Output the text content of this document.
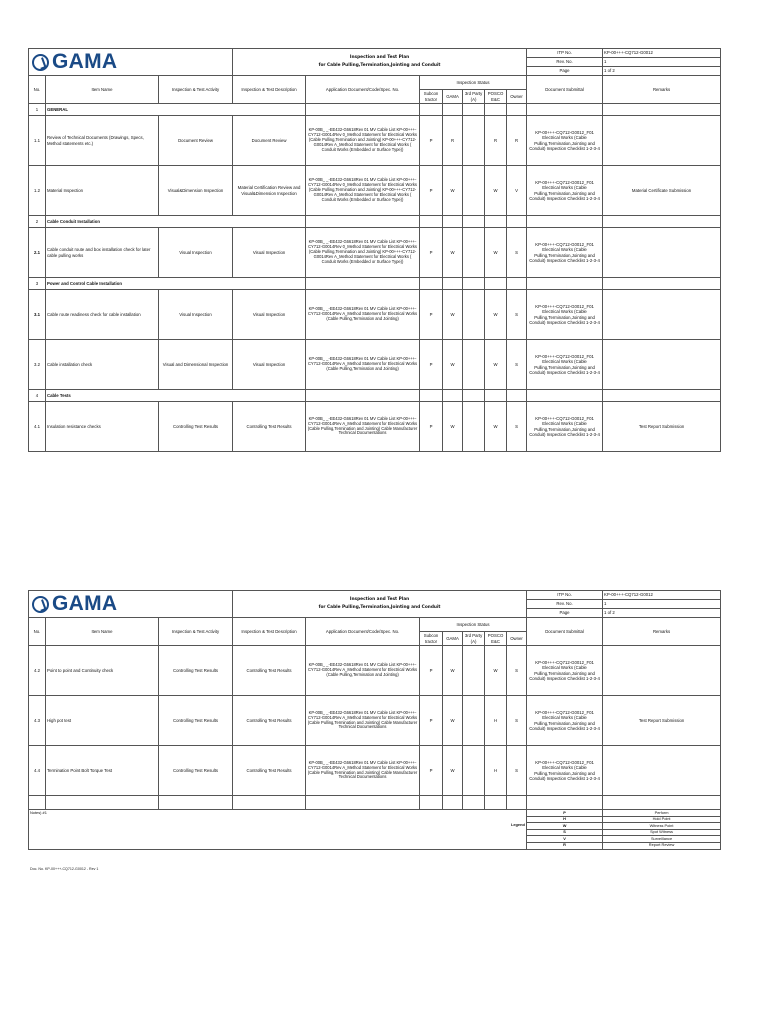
GAMA			Inspection and Test Plan
for Cable Pulling,Termination,Jointing and Conduit							ITP No.	KP-00+++-CQ712-G0012
										Rev. No.	1
										Page	1 of 2
No.	Item Name	Inspection & Test Activity	Inspection & Test Description	Application Document/Code/Spec. No.	Inspection Status					Document Submittal	Remarks
					Subcon tractor	GAMA	3rd Party (A)	POSCO E&C	Owner		
1	GENERAL										
1.1	Review of Technical Documents (Drawings, Specs, Method statements etc.)	Document Review	Document Review	KP-00B_ _-EE432-G6618Rev 01 MV Cable List KP-00+++-CY712-G0014Rev 0_Method Statement for Electrical Works (Cable Pulling,Termination and Jointing) KP-00+++-CY712-G0014Rev A_Method Statement for Electrical Works ( Conduit Works (Embedded or Surface Type))	P	R		R	R	KP-00+++-CQ712-G0012_F01 Electrical Works (Cable Pulling,Termination,Jointing and Conduit) Inspection Checklist 1-2-3-4	
1.2	Material Inspection	Visual&Dimension Inspection	Material Certification Review and Visual&Dimension Inspection	KP-00B_ _-EE432-G6618Rev 01 MV Cable List KP-00+++-CY712-G0014Rev 0_Method Statement for Electrical Works (Cable Pulling,Termination and Jointing) KP-00+++-CY712-G0014Rev A_Method Statement for Electrical Works ( Conduit Works (Embedded or Surface Type))	P	W		W	V	KP-00+++-CQ712-G0012_F01 Electrical Works (Cable Pulling,Termination,Jointing and Conduit) Inspection Checklist 1-2-3-4	Material Certificate Submission
2	Cable Conduit Installation										
2.1	Cable conduit route and box installation check for later cable pulling works	Visual Inspection	Visual Inspection	KP-00B_ _-EE432-G6618Rev 01 MV Cable List KP-00+++-CY712-G0014Rev 0_Method Statement for Electrical Works (Cable Pulling,Termination and Jointing) KP-00+++-CY712-G0014Rev A_Method Statement for Electrical Works ( Conduit Works (Embedded or Surface Type))	P	W		W	S	KP-00+++-CQ712-G0012_F01 Electrical Works (Cable Pulling,Termination,Jointing and Conduit) Inspection Checklist 1-2-3-4	
3	Power and Control Cable Installation										
3.1	Cable route readiness check for cable installation	Visual Inspection	Visual Inspection	KP-00B_ _-EE432-G6618Rev 01 MV Cable List KP-00+++-CY712-G0014Rev A_Method Statement for Electrical Works (Cable Pulling,Termination and Jointing)	P	W		W	S	KP-00+++-CQ712-G0012_F01 Electrical Works (Cable Pulling,Termination,Jointing and Conduit) Inspection Checklist 1-2-3-4	
3.2	Cable installation check	Visual and Dimensional Inspection	Visual Inspection	KP-00B_ _-EE432-G6618Rev 01 MV Cable List KP-00+++-CY712-G0014Rev A_Method Statement for Electrical Works (Cable Pulling,Termination and Jointing)	P	W		W	S	KP-00+++-CQ712-G0012_F01 Electrical Works (Cable Pulling,Termination,Jointing and Conduit) Inspection Checklist 1-2-3-4	
4	Cable Tests										
4.1	Insulation resistance checks	Controlling Test Results	Controlling Test Results	KP-00B_ _-EE432-G6618Rev 01 MV Cable List KP-00+++-CY712-G0014Rev A_Method Statement for Electrical Works (Cable Pulling,Termination and Jointing) Cable Manufacturer Technical Documentations	P	W		W	S	KP-00+++-CQ712-G0012_F01 Electrical Works (Cable Pulling,Termination,Jointing and Conduit) Inspection Checklist 1-2-3-4	Test Report Submission
GAMA			Inspection and Test Plan
for Cable Pulling,Termination,Jointing and Conduit							ITP No.	KP-00+++-CQ712-G0012
										Rev. No.	1
										Page	1 of 2
No.	Item Name	Inspection & Test Activity	Inspection & Test Description	Application Document/Code/Spec. No.	Inspection Status					Document Submittal	Remarks
					Subcon tractor	GAMA	3rd Party (A)	POSCO E&C	Owner		
4.2	Point to point and Continuity check	Controlling Test Results	Controlling Test Results	KP-00B_ _-EE432-G6618Rev 01 MV Cable List KP-00+++-CY712-G0014Rev A_Method Statement for Electrical Works (Cable Pulling,Termination and Jointing)	P	W		W	S	KP-00+++-CQ712-G0012_F01 Electrical Works (Cable Pulling,Termination,Jointing and Conduit) Inspection Checklist 1-2-3-4	
4.3	High pot test	Controlling Test Results	Controlling Test Results	KP-00B_ _-EE432-G6618Rev 01 MV Cable List KP-00+++-CY712-G0014Rev A_Method Statement for Electrical Works (Cable Pulling,Termination and Jointing) Cable Manufacturer Technical Documentations	P	W		H	S	KP-00+++-CQ712-G0012_F01 Electrical Works (Cable Pulling,Termination,Jointing and Conduit) Inspection Checklist 1-2-3-4	Test Report Submission
4.4	Termination Point Bolt Torque Test	Controlling Test Results	Controlling Test Results	KP-00B_ _-EE432-G6618Rev 01 MV Cable List KP-00+++-CY712-G0014Rev A_Method Statement for Electrical Works (Cable Pulling,Termination and Jointing) Cable Manufacturer Technical Documentations	P	W		H	S	KP-00+++-CQ712-G0012_F01 Electrical Works (Cable Pulling,Termination,Jointing and Conduit) Inspection Checklist 1-2-3-4	

Notes) #1
Legend										P	Perform
										H	Hold Point
										W	Witness Point
										S	Spot Witness
										V	Surveillance
										R	Report Review
Doc. No. KP-00+++-CQ712-G0012 - Rev 1
